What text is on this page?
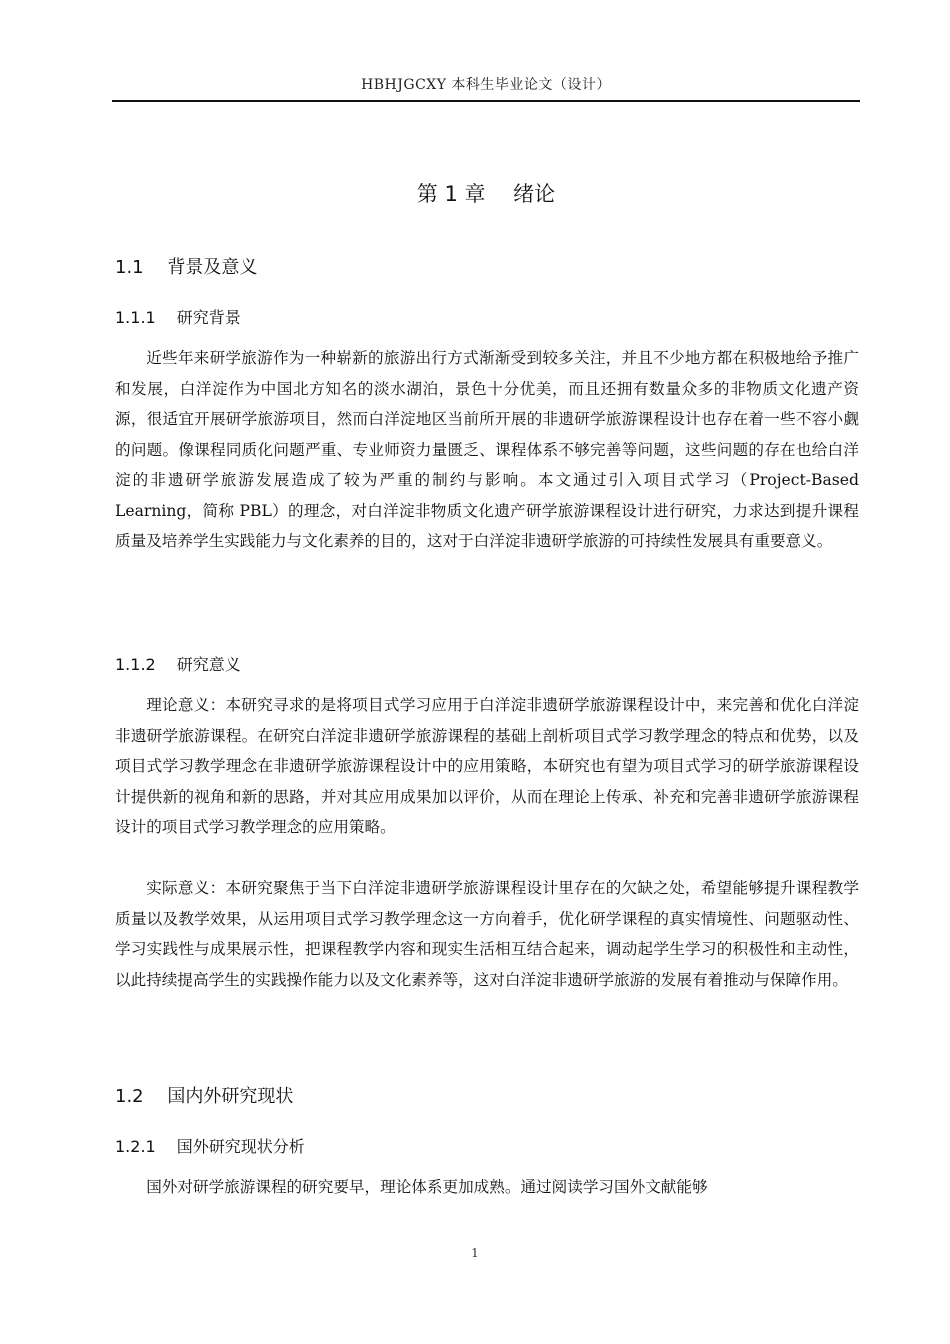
HBHJGCXY 本科生毕业论文（设计）
第 1 章　 绪论
1.1　 背景及意义
1.1.1　 研究背景

近些年来研学旅游作为一种崭新的旅游出行方式渐渐受到较多关注，并且不少地方都在积极地给予推广和发展，白洋淀作为中国北方知名的淡水湖泊，景色十分优美，而且还拥有数量众多的非物质文化遗产资源，很适宜开展研学旅游项目，然而白洋淀地区当前所开展的非遗研学旅游课程设计也存在着一些不容小觑的问题。像课程同质化问题严重、专业师资力量匮乏、课程体系不够完善等问题，这些问题的存在也给白洋淀的非遗研学旅游发展造成了较为严重的制约与影响。本文通过引入项目式学习（Project-Based Learning，简称 PBL）的理念，对白洋淀非物质文化遗产研学旅游课程设计进行研究，力求达到提升课程质量及培养学生实践能力与文化素养的目的，这对于白洋淀非遗研学旅游的可持续性发展具有重要意义。

1.1.2　 研究意义

理论意义：本研究寻求的是将项目式学习应用于白洋淀非遗研学旅游课程设计中，来完善和优化白洋淀非遗研学旅游课程。在研究白洋淀非遗研学旅游课程的基础上剖析项目式学习教学理念的特点和优势，以及项目式学习教学理念在非遗研学旅游课程设计中的应用策略，本研究也有望为项目式学习的研学旅游课程设计提供新的视角和新的思路，并对其应用成果加以评价，从而在理论上传承、补充和完善非遗研学旅游课程设计的项目式学习教学理念的应用策略。

实际意义：本研究聚焦于当下白洋淀非遗研学旅游课程设计里存在的欠缺之处，希望能够提升课程教学质量以及教学效果，从运用项目式学习教学理念这一方向着手，优化研学课程的真实情境性、问题驱动性、学习实践性与成果展示性，把课程教学内容和现实生活相互结合起来，调动起学生学习的积极性和主动性，以此持续提高学生的实践操作能力以及文化素养等，这对白洋淀非遗研学旅游的发展有着推动与保障作用。

1.2　 国内外研究现状
1.2.1　 国外研究现状分析

国外对研学旅游课程的研究要早，理论体系更加成熟。通过阅读学习国外文献能够

1
